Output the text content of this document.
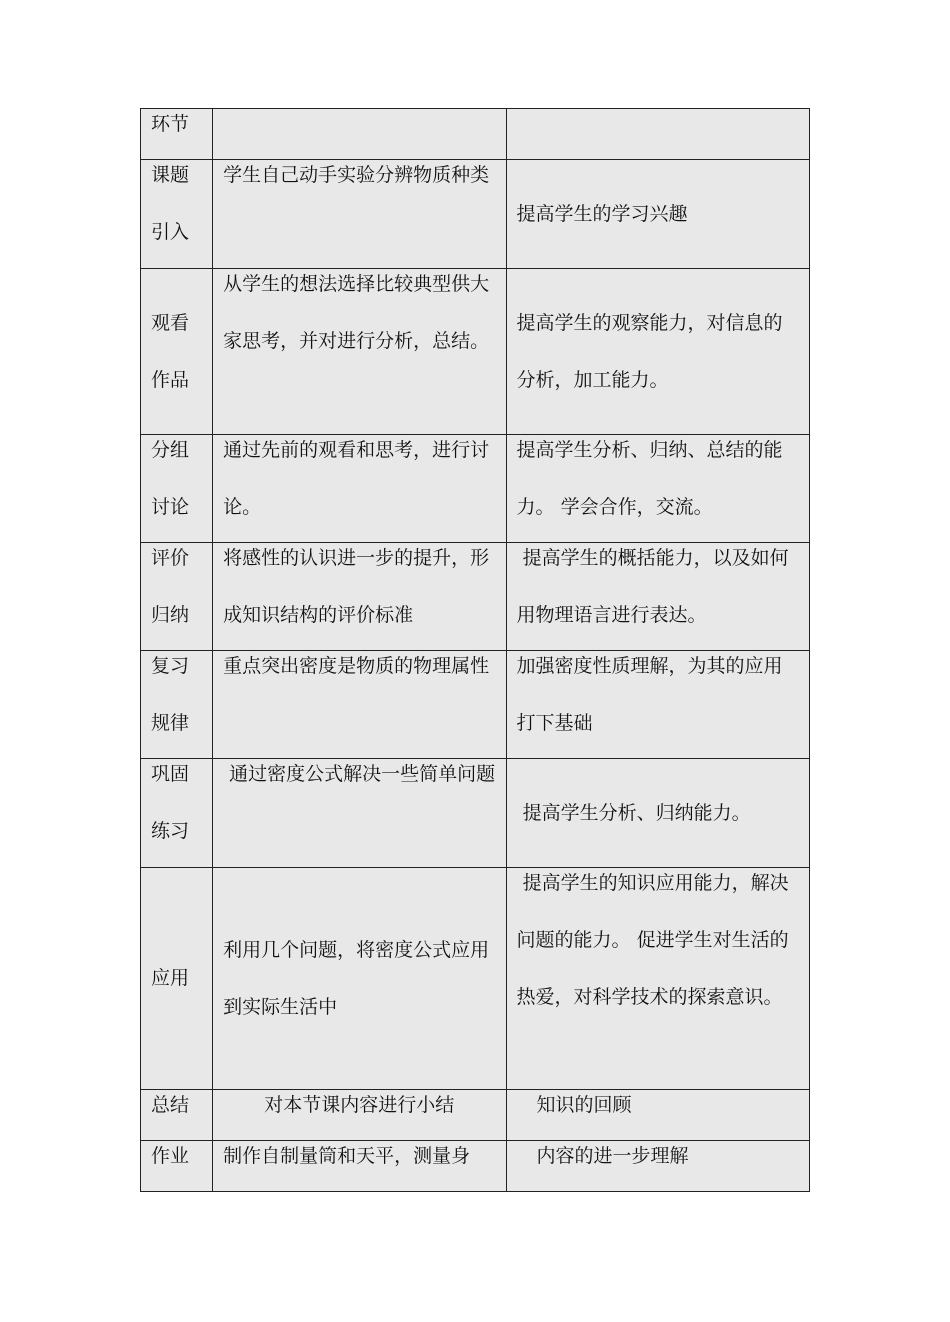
环节		

课题引入	学生自己动手实验分辨物质种类	提高学生的学习兴趣

观看作品	从学生的想法选择比较典型供大家思考，并对进行分析，总结。	提高学生的观察能力，对信息的分析，加工能力。

分组讨论	通过先前的观看和思考，进行讨论。	提高学生分析、归纳、总结的能力。 学会合作，交流。

评价归纳	将感性的认识进一步的提升，形成知识结构的评价标准	提高学生的概括能力，以及如何用物理语言进行表达。

复习规律	重点突出密度是物质的物理属性	加强密度性质理解，为其的应用打下基础

巩固练习	通过密度公式解决一些简单问题	提高学生分析、归纳能力。

应用	利用几个问题，将密度公式应用到实际生活中	提高学生的知识应用能力，解决问题的能力。 促进学生对生活的热爱，对科学技术的探索意识。

总结	对本节课内容进行小结	知识的回顾

作业	制作自制量筒和天平，测量身	内容的进一步理解
